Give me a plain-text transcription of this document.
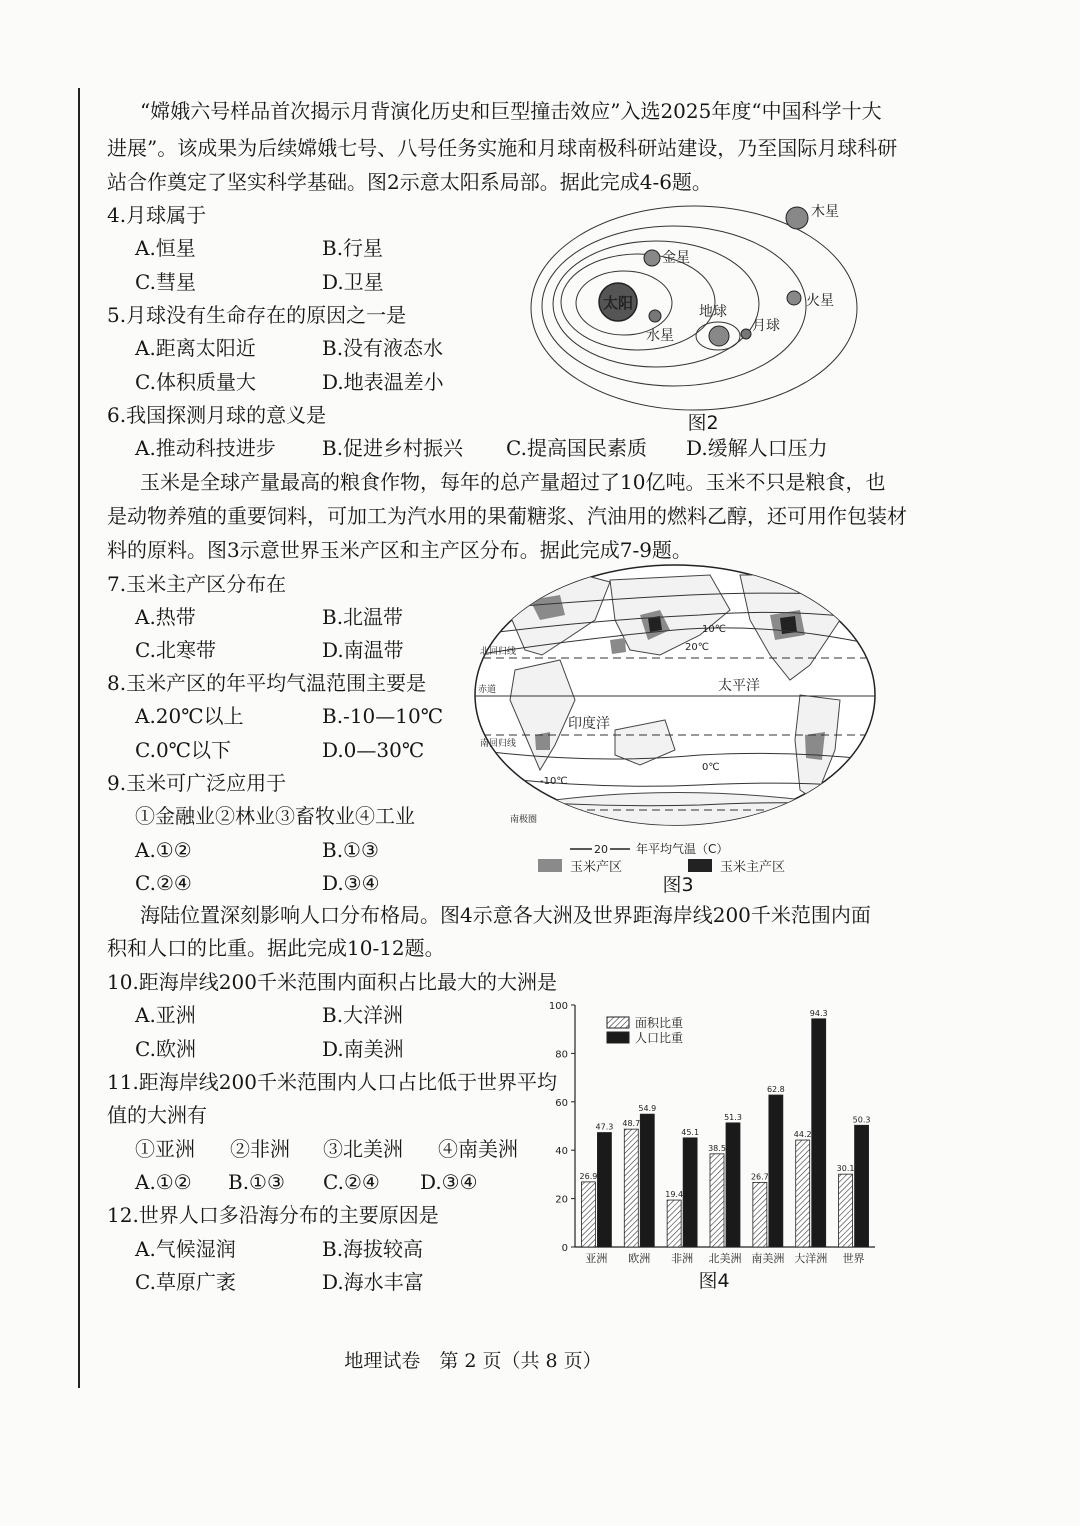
“嫦娥六号样品首次揭示月背演化历史和巨型撞击效应”入选2025年度“中国科学十大
进展”。该成果为后续嫦娥七号、八号任务实施和月球南极科研站建设，乃至国际月球科研
站合作奠定了坚实科学基础。图2示意太阳系局部。据此完成4-6题。
4.月球属于
A.恒星	B.行星
C.彗星	D.卫星
5.月球没有生命存在的原因之一是
A.距离太阳近	B.没有液态水
C.体积质量大	D.地表温差小
6.我国探测月球的意义是
A.推动科技进步 B.促进乡村振兴 C.提高国民素质 D.缓解人口压力
太阳
水星
金星
地球
月球
火星
木星
图2
玉米是全球产量最高的粮食作物，每年的总产量超过了10亿吨。玉米不只是粮食，也
是动物养殖的重要饲料，可加工为汽水用的果葡糖浆、汽油用的燃料乙醇，还可用作包装材
料的原料。图3示意世界玉米产区和主产区分布。据此完成7-9题。
7.玉米主产区分布在
A.热带	B.北温带
C.北寒带	D.南温带
8.玉米产区的年平均气温范围主要是
A.20℃以上	B.-10—10℃
C.0℃以下	D.0—30℃
9.玉米可广泛应用于
①金融业②林业③畜牧业④工业
A.①②	B.①③
C.②④	D.③④
北回归线
赤道
南回归线
南极圈
太平洋
印度洋
10℃
20℃
0℃
-10℃
20 年平均气温（C）
玉米产区	玉米主产区
图3
海陆位置深刻影响人口分布格局。图4示意各大洲及世界距海岸线200千米范围内面
积和人口的比重。据此完成10-12题。
10.距海岸线200千米范围内面积占比最大的大洲是
A.亚洲	B.大洋洲
C.欧洲	D.南美洲
11.距海岸线200千米范围内人口占比低于世界平均
值的大洲有
①亚洲 ②非洲 ③北美洲 ④南美洲
A.①② B.①③ C.②④ D.③④
12.世界人口多沿海分布的主要原因是
A.气候湿润	B.海拔较高
C.草原广袤	D.海水丰富
0
20
40
60
80
100
26.9
47.3
亚洲
48.7
54.9
欧洲
19.4
45.1
非洲
38.5
51.3
北美洲
26.7
62.8
南美洲
44.2
94.3
大洋洲
30.1
50.3
世界
面积比重
人口比重
图4
地理试卷　第 2 页（共 8 页）
